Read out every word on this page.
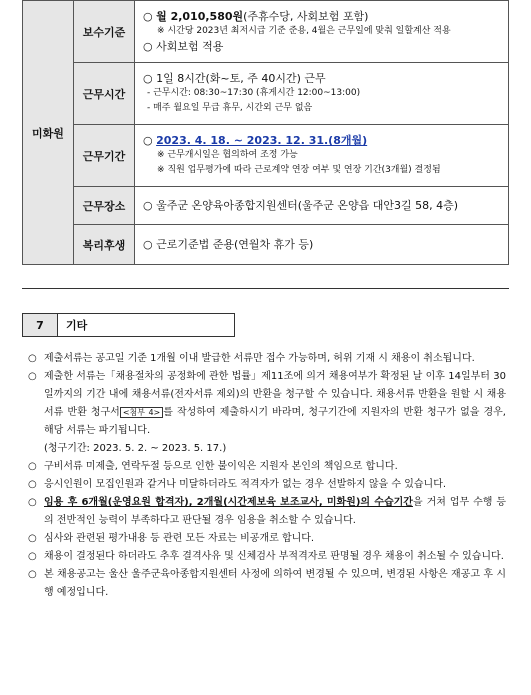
미화원	보수기준	○ 월 2,010,580원(주휴수당, 사회보험 포함)
※ 시간당 2023년 최저시급 기준 준용, 4월은 근무일에 맞춰 일할계산 적용
○ 사회보험 적용

	근무시간	○ 1일 8시간(화~토, 주 40시간) 근무
- 근무시간: 08:30~17:30 (휴게시간 12:00~13:00)
- 매주 월요일 무급 휴무, 시간외 근무 없음

	근무기간	○ 2023. 4. 18. ~ 2023. 12. 31.(8개월)
※ 근무개시일은 협의하여 조정 가능
※ 직원 업무평가에 따라 근로계약 연장 여부 및 연장 기간(3개월) 결정됨

	근무장소	○ 울주군 온양육아종합지원센터(울주군 온양읍 대안3길 58, 4층)
	복리후생	○ 근로기준법 준용(연월차 휴가 등)
7	기타
○ 제출서류는 공고일 기준 1개월 이내 발급한 서류만 접수 가능하며, 허위 기재 시 채용이 취소됩니다.
○ 제출한 서류는「채용절차의 공정화에 관한 법률」제11조에 의거 채용여부가 확정된 날 이후 14일부터 30일까지의 기간 내에 채용서류(전자서류 제외)의 반환을 청구할 수 있습니다. 채용서류 반환을 원할 시 채용서류 반환 청구서 <첨부 4> 를 작성하여 제출하시기 바라며, 청구기간에 지원자의 반환 청구가 없을 경우, 해당 서류는 파기됩니다.
(청구기간: 2023. 5. 2. ~ 2023. 5. 17.)
○ 구비서류 미제출, 연락두절 등으로 인한 불이익은 지원자 본인의 책임으로 합니다.
○ 응시인원이 모집인원과 같거나 미달하더라도 적격자가 없는 경우 선발하지 않을 수 있습니다.
○ 임용 후 6개월(운영요원 합격자), 2개월(시간제보육 보조교사, 미화원)의 수습기간을 거쳐 업무 수행 등의 전반적인 능력이 부족하다고 판단될 경우 임용을 취소할 수 있습니다.
○ 심사와 관련된 평가내용 등 관련 모든 자료는 비공개로 합니다.
○ 채용이 결정된다 하더라도 추후 결격사유 및 신체검사 부적격자로 판명될 경우 채용이 취소될 수 있습니다.
○ 본 채용공고는 울산 울주군육아종합지원센터 사정에 의하여 변경될 수 있으며, 변경된 사항은 재공고 후 시행 예정입니다.
